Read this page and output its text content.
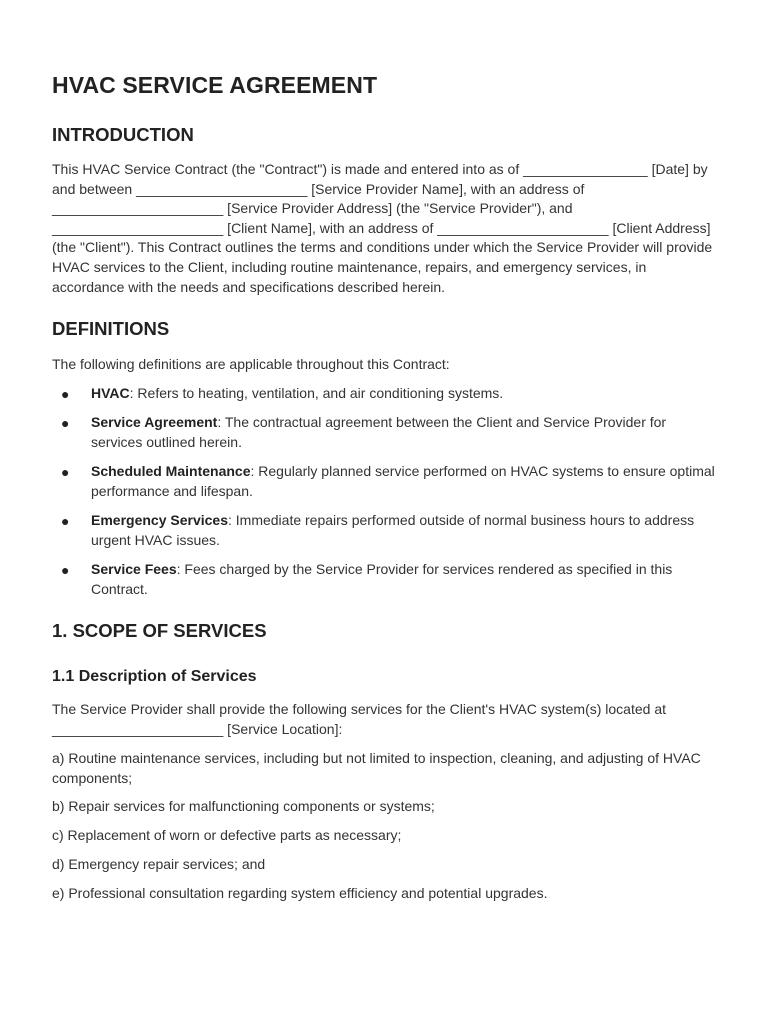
HVAC SERVICE AGREEMENT
INTRODUCTION

This HVAC Service Contract (the "Contract") is made and entered into as of ________________ [Date] by and between ______________________ [Service Provider Name], with an address of ______________________ [Service Provider Address] (the "Service Provider"), and ______________________ [Client Name], with an address of ______________________ [Client Address] (the "Client"). This Contract outlines the terms and conditions under which the Service Provider will provide HVAC services to the Client, including routine maintenance, repairs, and emergency services, in accordance with the needs and specifications described herein.

DEFINITIONS

The following definitions are applicable throughout this Contract:

● HVAC: Refers to heating, ventilation, and air conditioning systems.
● Service Agreement: The contractual agreement between the Client and Service Provider for services outlined herein.
● Scheduled Maintenance: Regularly planned service performed on HVAC systems to ensure optimal performance and lifespan.
● Emergency Services: Immediate repairs performed outside of normal business hours to address urgent HVAC issues.
● Service Fees: Fees charged by the Service Provider for services rendered as specified in this Contract.
1. SCOPE OF SERVICES
1.1 Description of Services

The Service Provider shall provide the following services for the Client's HVAC system(s) located at ______________________ [Service Location]:

a) Routine maintenance services, including but not limited to inspection, cleaning, and adjusting of HVAC components;

b) Repair services for malfunctioning components or systems;

c) Replacement of worn or defective parts as necessary;

d) Emergency repair services; and

e) Professional consultation regarding system efficiency and potential upgrades.
